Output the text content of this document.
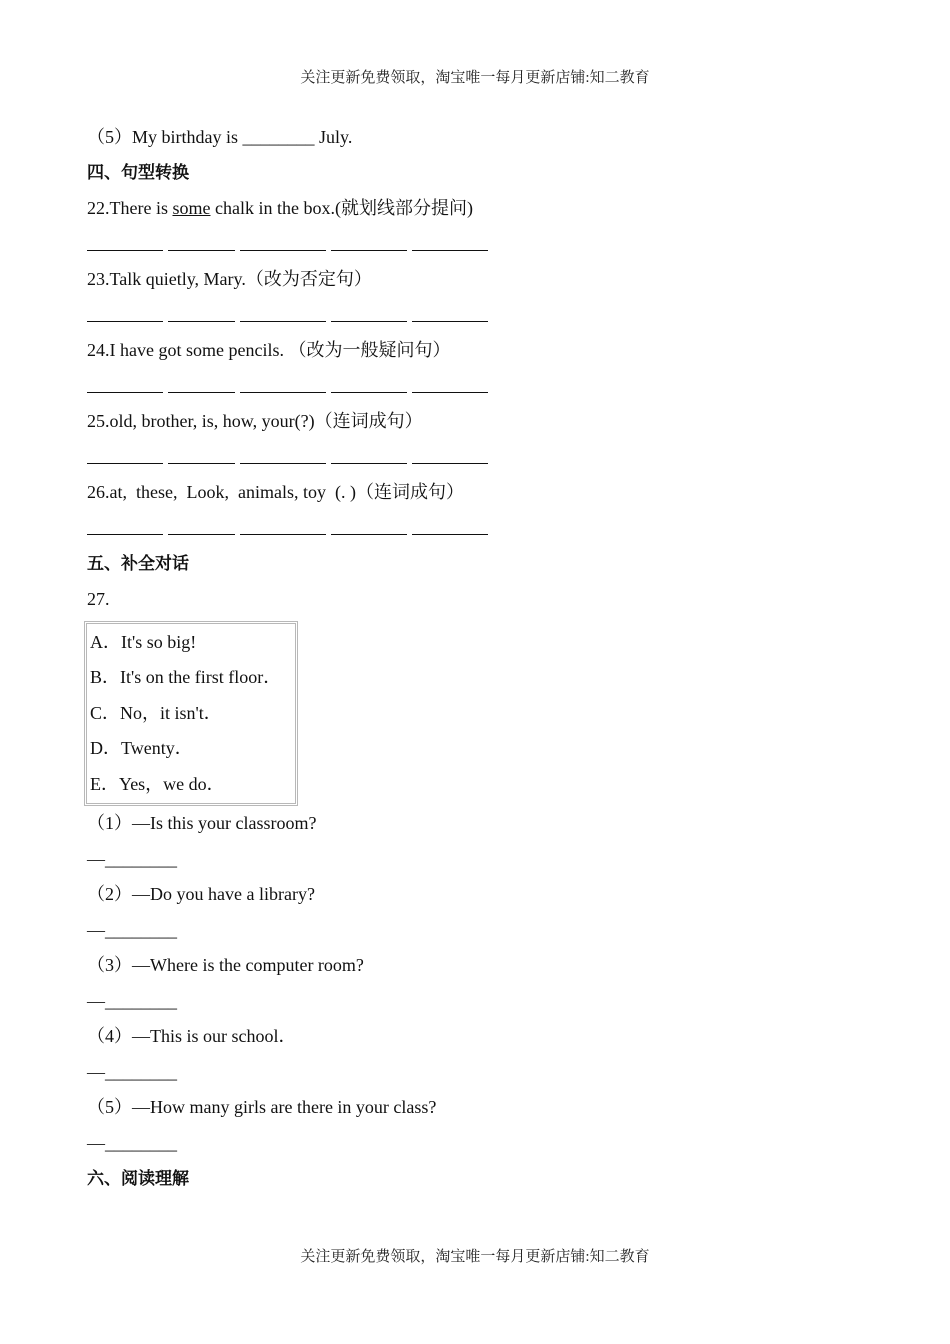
关注更新免费领取，淘宝唯一每月更新店铺:知二教育
（5）My birthday is ________ July.
四、句型转换
22.There is some chalk in the box.(就划线部分提问)
23.Talk quietly, Mary.（改为否定句）
24.I have got some pencils. （改为一般疑问句）
25.old, brother, is, how, your(?)（连词成句）
26.at,  these,  Look,  animals, toy  (. )（连词成句）
五、补全对话
27.
A．It's so big!
B．It's on the first floor．
C．No，it isn't．
D．Twenty．
E．Yes，we do．
（1）—Is this your classroom?
—________
（2）—Do you have a library?
—________
（3）—Where is the computer room?
—________
（4）—This is our school．
—________
（5）—How many girls are there in your class?
—________
六、阅读理解
关注更新免费领取，淘宝唯一每月更新店铺:知二教育
